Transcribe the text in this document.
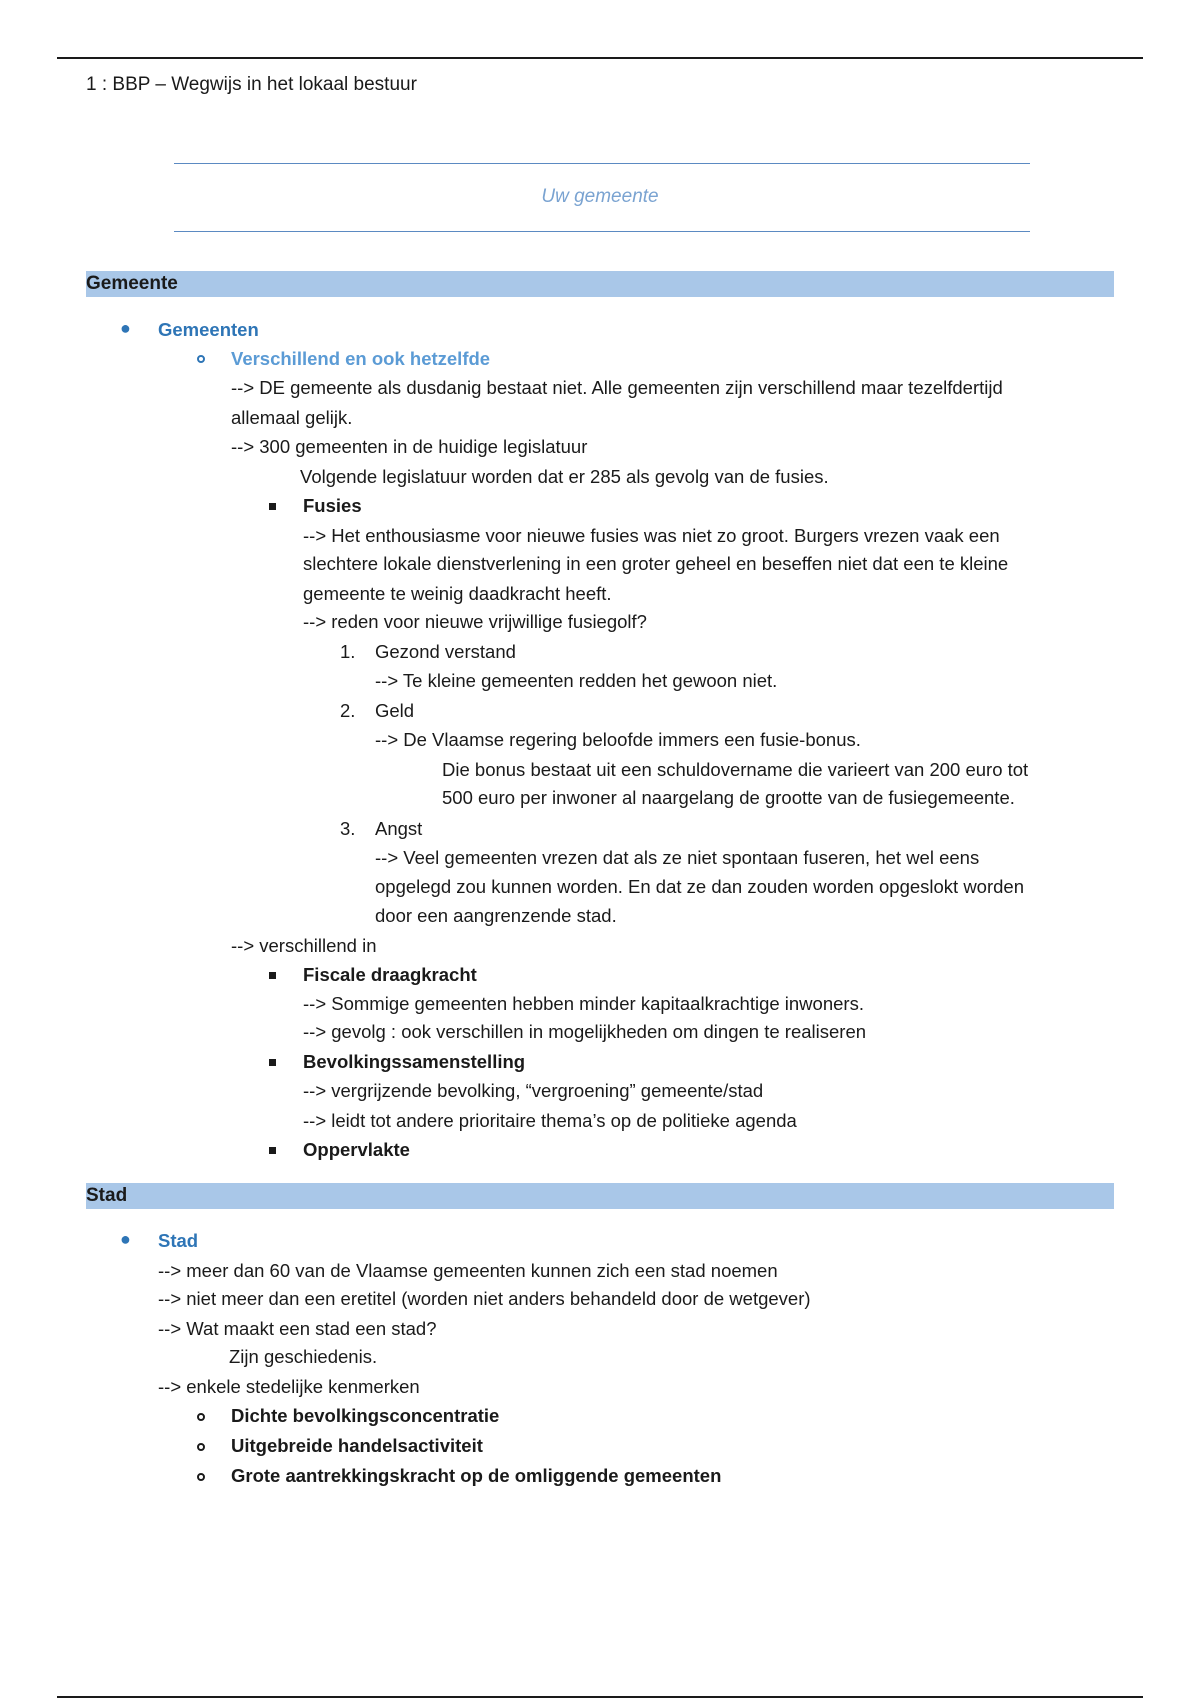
1 : BBP – Wegwijs in het lokaal bestuur
Uw gemeente
Gemeente
● Gemeenten
Verschillend en ook hetzelfde
--> DE gemeente als dusdanig bestaat niet. Alle gemeenten zijn verschillend maar tezelfdertijd
allemaal gelijk.
--> 300 gemeenten in de huidige legislatuur
Volgende legislatuur worden dat er 285 als gevolg van de fusies.
Fusies
--> Het enthousiasme voor nieuwe fusies was niet zo groot. Burgers vrezen vaak een
slechtere lokale dienstverlening in een groter geheel en beseffen niet dat een te kleine
gemeente te weinig daadkracht heeft.
--> reden voor nieuwe vrijwillige fusiegolf?
1. Gezond verstand
--> Te kleine gemeenten redden het gewoon niet.
2. Geld
--> De Vlaamse regering beloofde immers een fusie-bonus.
Die bonus bestaat uit een schuldovername die varieert van 200 euro tot
500 euro per inwoner al naargelang de grootte van de fusiegemeente.
3. Angst
--> Veel gemeenten vrezen dat als ze niet spontaan fuseren, het wel eens
opgelegd zou kunnen worden. En dat ze dan zouden worden opgeslokt worden
door een aangrenzende stad.
--> verschillend in
Fiscale draagkracht
--> Sommige gemeenten hebben minder kapitaalkrachtige inwoners.
--> gevolg : ook verschillen in mogelijkheden om dingen te realiseren
Bevolkingssamenstelling
--> vergrijzende bevolking, “vergroening” gemeente/stad
--> leidt tot andere prioritaire thema’s op de politieke agenda
Oppervlakte
Stad
● Stad
--> meer dan 60 van de Vlaamse gemeenten kunnen zich een stad noemen
--> niet meer dan een eretitel (worden niet anders behandeld door de wetgever)
--> Wat maakt een stad een stad?
Zijn geschiedenis.
--> enkele stedelijke kenmerken
Dichte bevolkingsconcentratie
Uitgebreide handelsactiviteit
Grote aantrekkingskracht op de omliggende gemeenten
